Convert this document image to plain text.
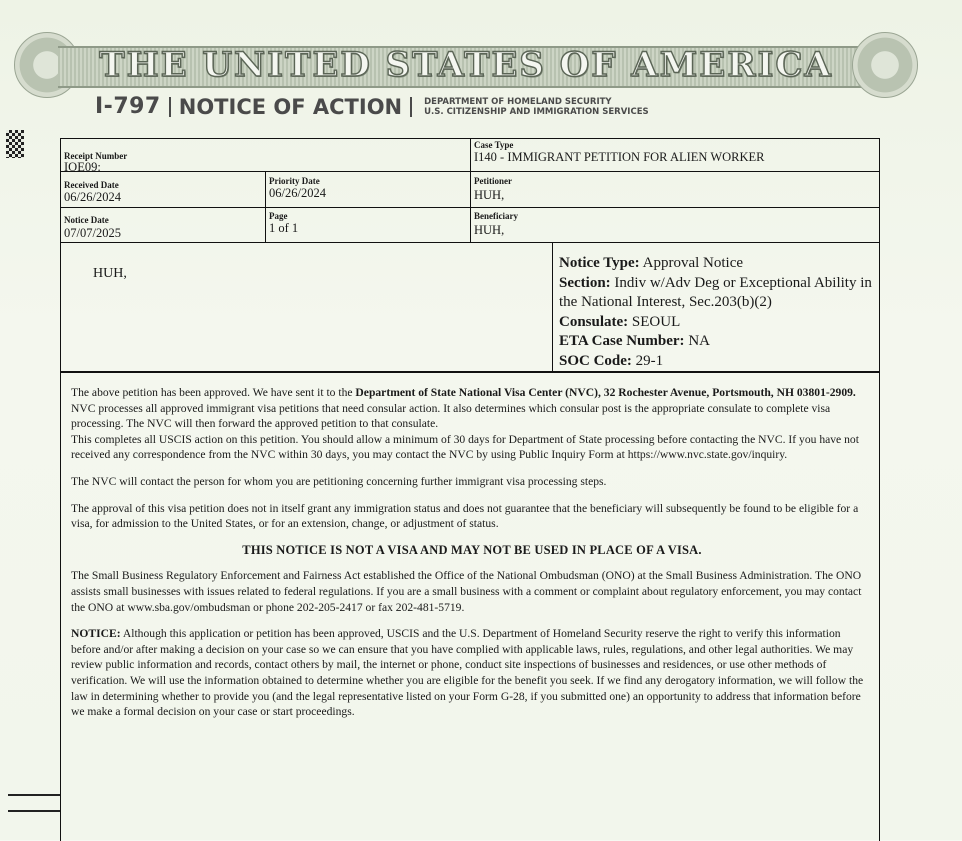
THE UNITED STATES OF AMERICA
I-797 NOTICE OF ACTION	DEPARTMENT OF HOMELAND SECURITY
U.S. CITIZENSHIP AND IMMIGRATION SERVICES
Receipt Number
IOE09:
Case Type
I140 - IMMIGRANT PETITION FOR ALIEN WORKER
Received Date
06/26/2024
Priority Date
06/26/2024
Petitioner
HUH,
Notice Date
07/07/2025
Page
1 of 1
Beneficiary
HUH,
HUH,
Notice Type: Approval Notice
Section: Indiv w/Adv Deg or Exceptional Ability in the National Interest, Sec.203(b)(2)
Consulate: SEOUL
ETA Case Number: NA
SOC Code: 29-1

The above petition has been approved. We have sent it to the Department of State National Visa Center (NVC), 32 Rochester Avenue, Portsmouth, NH 03801-2909. NVC processes all approved immigrant visa petitions that need consular action. It also determines which consular post is the appropriate consulate to complete visa processing. The NVC will then forward the approved petition to that consulate.
This completes all USCIS action on this petition. You should allow a minimum of 30 days for Department of State processing before contacting the NVC. If you have not received any correspondence from the NVC within 30 days, you may contact the NVC by using Public Inquiry Form at https://www.nvc.state.gov/inquiry.

The NVC will contact the person for whom you are petitioning concerning further immigrant visa processing steps.

The approval of this visa petition does not in itself grant any immigration status and does not guarantee that the beneficiary will subsequently be found to be eligible for a visa, for admission to the United States, or for an extension, change, or adjustment of status.

THIS NOTICE IS NOT A VISA AND MAY NOT BE USED IN PLACE OF A VISA.

The Small Business Regulatory Enforcement and Fairness Act established the Office of the National Ombudsman (ONO) at the Small Business Administration. The ONO assists small businesses with issues related to federal regulations. If you are a small business with a comment or complaint about regulatory enforcement, you may contact the ONO at www.sba.gov/ombudsman or phone 202-205-2417 or fax 202-481-5719.

NOTICE: Although this application or petition has been approved, USCIS and the U.S. Department of Homeland Security reserve the right to verify this information before and/or after making a decision on your case so we can ensure that you have complied with applicable laws, rules, regulations, and other legal authorities. We may review public information and records, contact others by mail, the internet or phone, conduct site inspections of businesses and residences, or use other methods of verification. We will use the information obtained to determine whether you are eligible for the benefit you seek. If we find any derogatory information, we will follow the law in determining whether to provide you (and the legal representative listed on your Form G-28, if you submitted one) an opportunity to address that information before we make a formal decision on your case or start proceedings.
